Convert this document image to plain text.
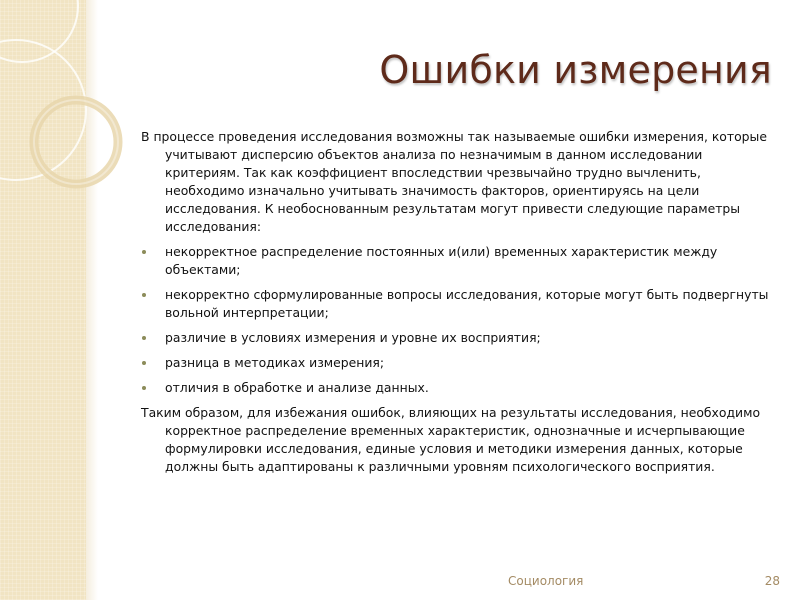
Ошибки измерения

В процессе проведения исследования возможны так называемые ошибки измерения, которые учитывают дисперсию объектов анализа по незначимым в данном исследовании критериям. Так как коэффициент впоследствии чрезвычайно трудно вычленить, необходимо изначально учитывать значимость факторов, ориентируясь на цели исследования. К необоснованным результатам могут привести следующие параметры исследования:

некорректное распределение постоянных и(или) временных характеристик между объектами;
некорректно сформулированные вопросы исследования, которые могут быть подвергнуты вольной интерпретации;
различие в условиях измерения и уровне их восприятия;
разница в методиках измерения;
отличия в обработке и анализе данных.

Таким образом, для избежания ошибок, влияющих на результаты исследования, необходимо корректное распределение временных характеристик, однозначные и исчерпывающие формулировки исследования, единые условия и методики измерения данных, которые должны быть адаптированы к различными уровням психологического восприятия.

Социология	28
